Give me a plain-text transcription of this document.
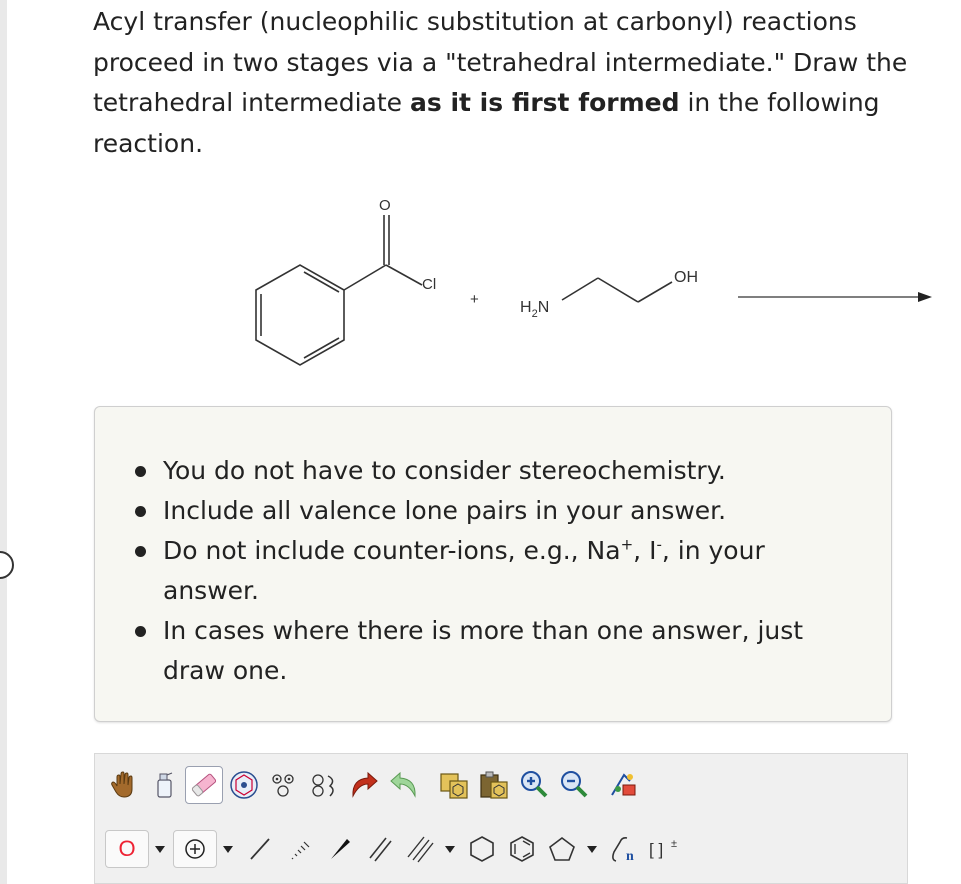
Acyl transfer (nucleophilic substitution at carbonyl) reactions proceed in two stages via a "tetrahedral intermediate." Draw the tetrahedral intermediate as it is first formed in the following reaction.
O
Cl
+	$H_2N$
OH
You do not have to consider stereochemistry.
Include all valence lone pairs in your answer.
Do not include counter-ions, e.g., Na+, I-, in your answer.
In cases where there is more than one answer, just draw one.
O	n [ ] ±
